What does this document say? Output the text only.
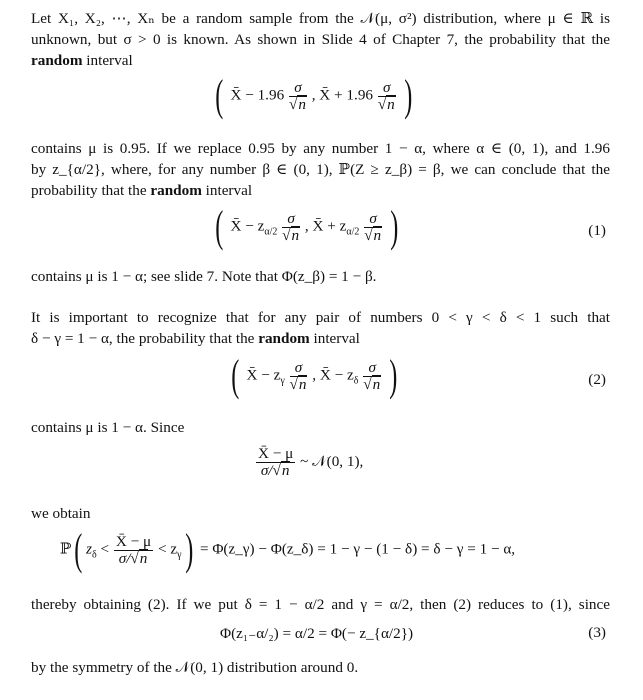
Let X₁, X₂, ⋯, Xₙ be a random sample from the 𝒩(μ, σ²) distribution, where μ ∈ ℝ is
unknown, but σ > 0 is known. As shown in Slide 4 of Chapter 7, the probability that the
random interval
( X̄ − $1.96 \frac{\sigma}{√n}$ , X̄ + $1.96 \frac{\sigma}{√n}$ )
contains μ is 0.95. If we replace 0.95 by any number 1 − α, where α ∈ (0, 1), and 1.96
by z_{α/2}, where, for any number β ∈ (0, 1), ℙ(Z ≥ z_β) = β, we can conclude that the
probability that the random interval
( X̄ − $z_{\alpha/2} \frac{\sigma}{√n}$ , X̄ + $z_{\alpha/2} \frac{\sigma}{√n}$ )	(1)
contains μ is 1 − α; see slide 7. Note that Φ(z_β) = 1 − β.
It is important to recognize that for any pair of numbers 0 < γ < δ < 1 such that
δ − γ = 1 − α, the probability that the random interval
( X̄ − $z_\gamma \frac{\sigma}{√n}$ , X̄ − $z_\delta \frac{\sigma}{√n}$ )	(2)
contains μ is 1 − α. Since
$\frac{X̄ - \mu}{\sigma/√n}$ ~ 𝒩(0, 1),
we obtain
ℙ( $z_\delta < \frac{X̄ - \mu}{\sigma/√n} < z_\gamma$) = Φ(z_γ) − Φ(z_δ) = 1 − γ − (1 − δ) = δ − γ = 1 − α,
thereby obtaining (2). If we put δ = 1 − α/2 and γ = α/2, then (2) reduces to (1), since
Φ(z₁₋α/₂) = α/2 = Φ(− z_{α/2})	(3)
by the symmetry of the 𝒩(0, 1) distribution around 0.
